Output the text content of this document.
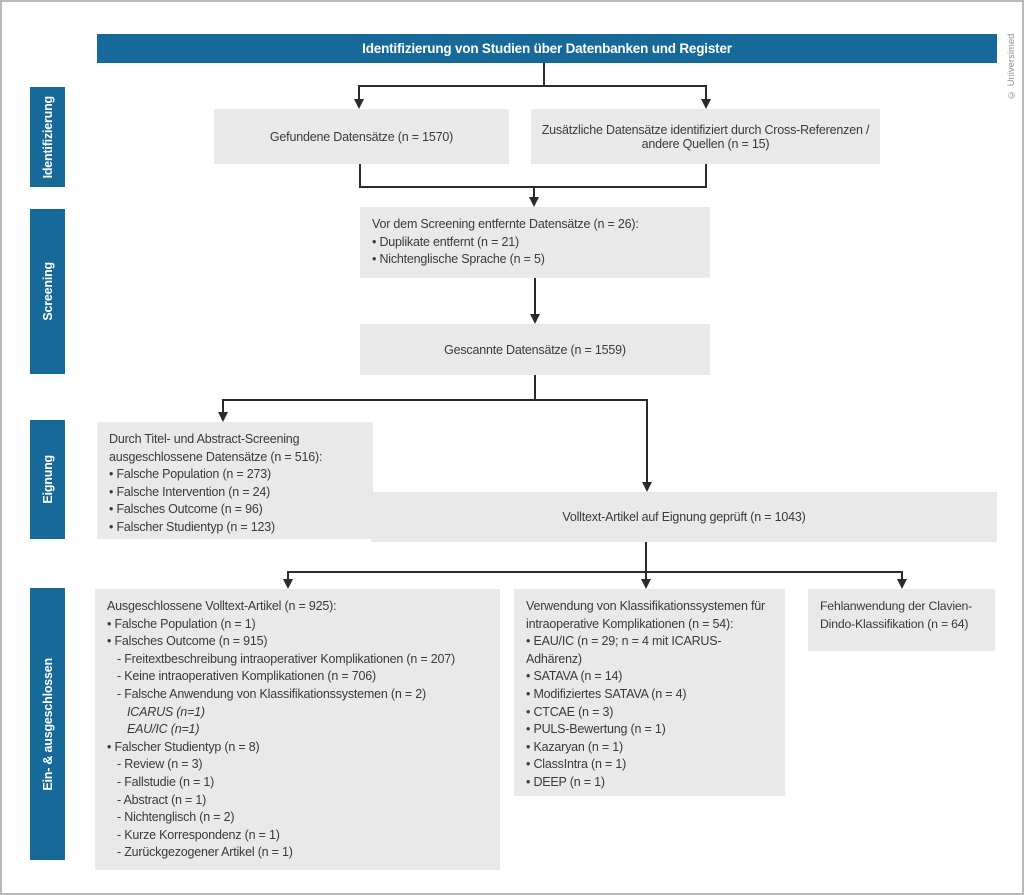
Identifizierung von Studien über Datenbanken und Register	© Universimed
Identifizierung
Screening
Eignung
Ein- & ausgeschlossen
Gefundene Datensätze (n = 1570)	Zusätzliche Datensätze identifiziert durch Cross-Referenzen / andere Quellen (n = 15)
Vor dem Screening entfernte Datensätze (n = 26):
• Duplikate entfernt (n = 21)
• Nichtenglische Sprache (n = 5)
Gescannte Datensätze (n = 1559)
Durch Titel- und Abstract-Screening ausgeschlossene Datensätze (n = 516):
• Falsche Population (n = 273)
• Falsche Intervention (n = 24)
• Falsches Outcome (n = 96)
• Falscher Studientyp (n = 123)
Volltext-Artikel auf Eignung geprüft (n = 1043)
Ausgeschlossene Volltext-Artikel (n = 925):
• Falsche Population (n = 1)
• Falsches Outcome (n = 915)
- Freitextbeschreibung intraoperativer Komplikationen (n = 207)
- Keine intraoperativen Komplikationen (n = 706)
- Falsche Anwendung von Klassifikationssystemen (n = 2)
ICARUS (n=1)
EAU/IC (n=1)
• Falscher Studientyp (n = 8)
- Review (n = 3)
- Fallstudie (n = 1)
- Abstract (n = 1)
- Nichtenglisch (n = 2)
- Kurze Korrespondenz (n = 1)
- Zurückgezogener Artikel (n = 1)
Verwendung von Klassifikationssystemen für intraoperative Komplikationen (n = 54):
• EAU/IC (n = 29; n = 4 mit ICARUS-Adhärenz)
• SATAVA (n = 14)
• Modifiziertes SATAVA (n = 4)
• CTCAE (n = 3)
• PULS-Bewertung (n = 1)
• Kazaryan (n = 1)
• ClassIntra (n = 1)
• DEEP (n = 1)
Fehlanwendung der Clavien-Dindo-Klassifikation (n = 64)
